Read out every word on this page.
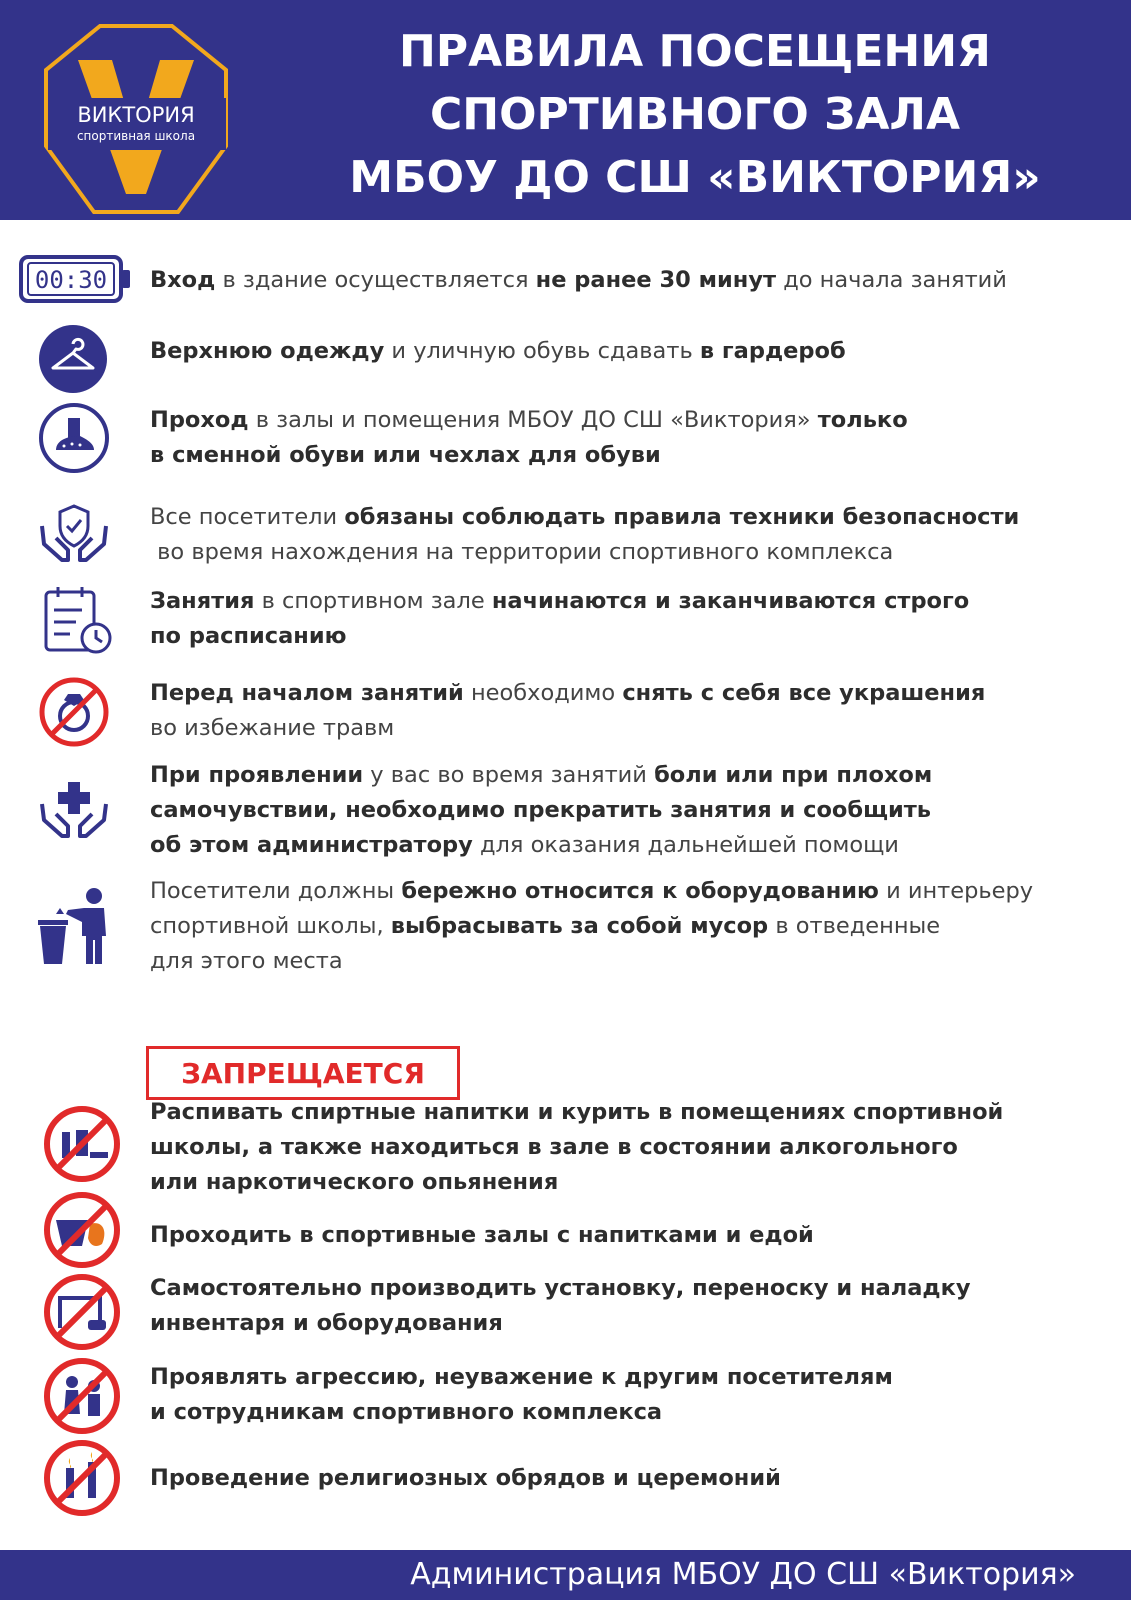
ВИКТОРИЯ
спортивная школа
ПРАВИЛА ПОСЕЩЕНИЯ
СПОРТИВНОГО ЗАЛА
МБОУ ДО СШ «ВИКТОРИЯ»
00:30 Вход в здание осуществляется не ранее 30 минут до начала занятий
Верхнюю одежду и уличную обувь сдавать в гардероб
Проход в залы и помещения МБОУ ДО СШ «Виктория» только
в сменной обуви или чехлах для обуви
Все посетители обязаны соблюдать правила техники безопасности
во время нахождения на территории спортивного комплекса
Занятия в спортивном зале начинаются и заканчиваются строго
по расписанию
Перед началом занятий необходимо снять с себя все украшения
во избежание травм
При проявлении у вас во время занятий боли или при плохом
самочувствии, необходимо прекратить занятия и сообщить
об этом администратору для оказания дальнейшей помощи
Посетители должны бережно относится к оборудованию и интерьеру
спортивной школы, выбрасывать за собой мусор в отведенные
для этого места
ЗАПРЕЩАЕТСЯ
Распивать спиртные напитки и курить в помещениях спортивной
школы, а также находиться в зале в состоянии алкогольного
или наркотического опьянения
Проходить в спортивные залы с напитками и едой
Самостоятельно производить установку, переноску и наладку
инвентаря и оборудования
Проявлять агрессию, неуважение к другим посетителям
и сотрудникам спортивного комплекса
Проведение религиозных обрядов и церемоний
Администрация МБОУ ДО СШ «Виктория»
